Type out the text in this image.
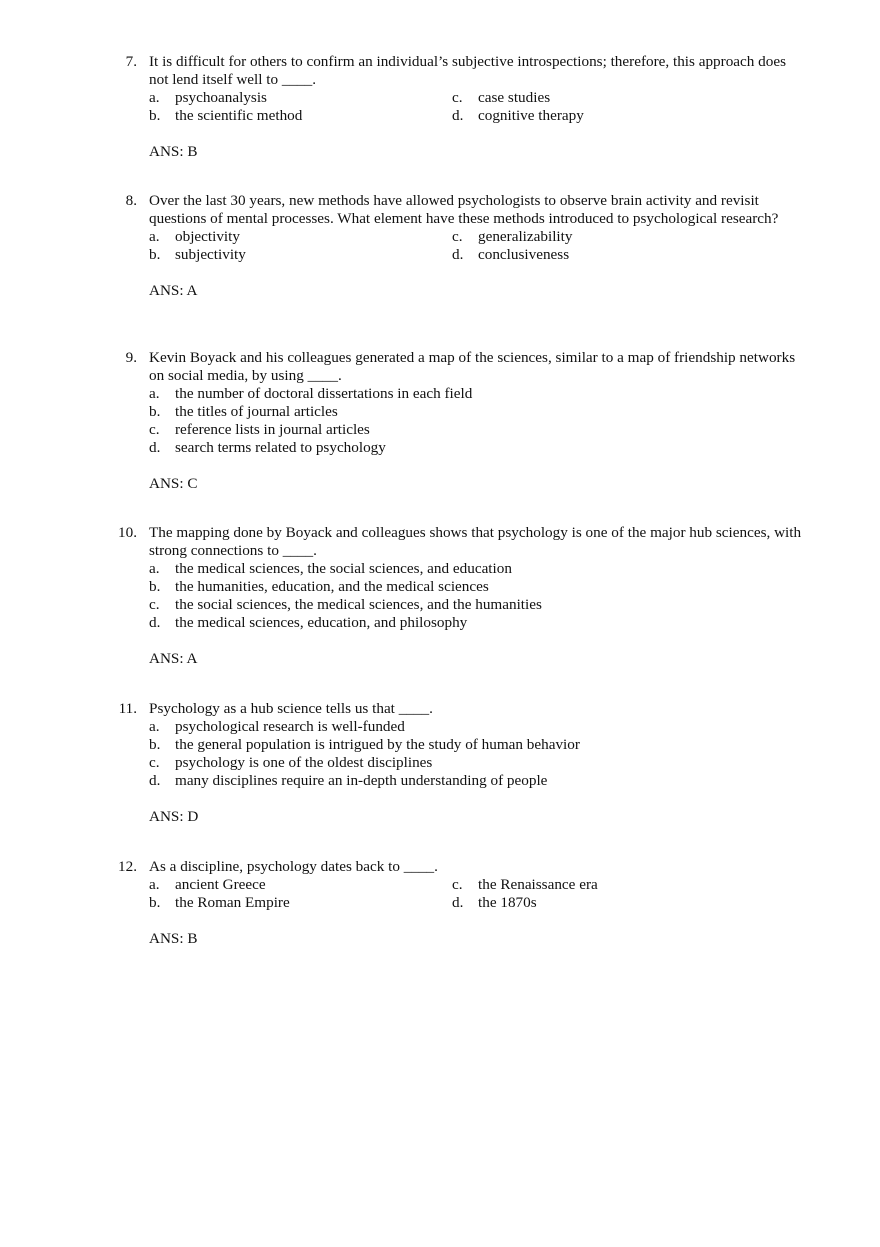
7. It is difficult for others to confirm an individual’s subjective introspections; therefore, this approach does not lend itself well to ____.
a. psychoanalysis	c. case studies
b. the scientific method	d. cognitive therapy
ANS: B
8. Over the last 30 years, new methods have allowed psychologists to observe brain activity and revisit questions of mental processes. What element have these methods introduced to psychological research?
a. objectivity	c. generalizability
b. subjectivity	d. conclusiveness
ANS: A
9. Kevin Boyack and his colleagues generated a map of the sciences, similar to a map of friendship networks on social media, by using ____.
a. the number of doctoral dissertations in each field
b. the titles of journal articles
c. reference lists in journal articles
d. search terms related to psychology
ANS: C
10. The mapping done by Boyack and colleagues shows that psychology is one of the major hub sciences, with strong connections to ____.
a. the medical sciences, the social sciences, and education
b. the humanities, education, and the medical sciences
c. the social sciences, the medical sciences, and the humanities
d. the medical sciences, education, and philosophy
ANS: A
11. Psychology as a hub science tells us that ____.
a. psychological research is well-funded
b. the general population is intrigued by the study of human behavior
c. psychology is one of the oldest disciplines
d. many disciplines require an in-depth understanding of people
ANS: D
12. As a discipline, psychology dates back to ____.
a. ancient Greece	c. the Renaissance era
b. the Roman Empire	d. the 1870s
ANS: B
